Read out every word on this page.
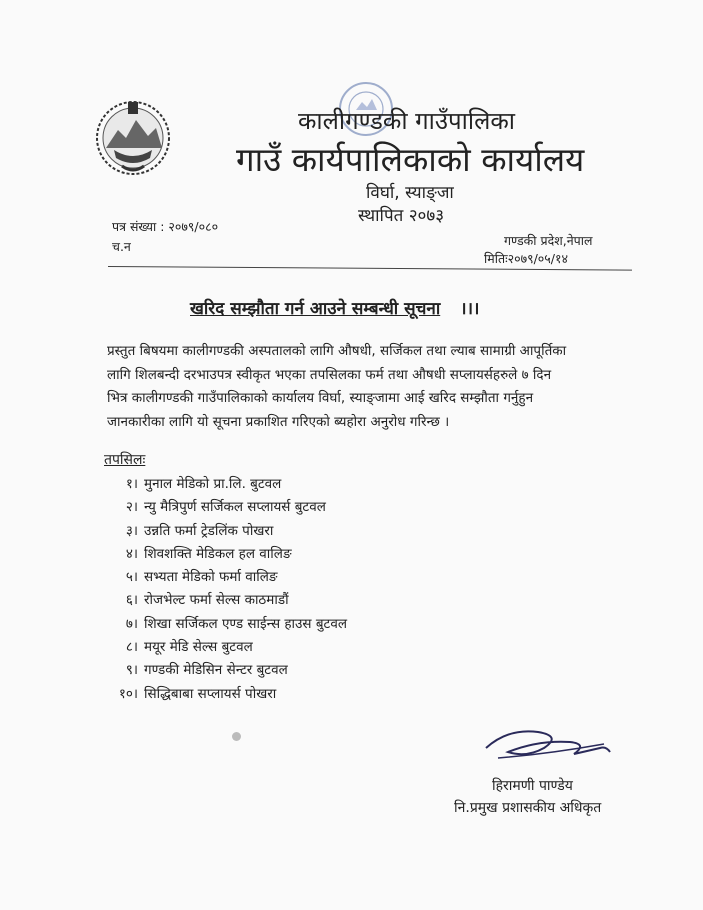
कालीगण्डकी गाउँपालिका
गाउँ कार्यपालिकाको कार्यालय
विर्घा, स्याङ्जा
स्थापित २०७३
पत्र संख्या : २०७९/०८०
च.न	गण्डकी प्रदेश,नेपाल
मितिः२०७९/०५/१४
खरिद सम्झौता गर्न आउने सम्बन्धी सूचना ।।।
प्रस्तुत बिषयमा कालीगण्डकी अस्पतालको लागि औषधी, सर्जिकल तथा ल्याब सामाग्री आपूर्तिका
लागि शिलबन्दी दरभाउपत्र स्वीकृत भएका तपसिलका फर्म तथा औषधी सप्लायर्सहरुले ७ दिन
भित्र कालीगण्डकी गाउँपालिकाको कार्यालय विर्घा, स्याङ्जामा आई खरिद सम्झौता गर्नुहुन
जानकारीका लागि यो सूचना प्रकाशित गरिएको ब्यहोरा अनुरोध गरिन्छ ।
तपसिलः
१। मुनाल मेडिको प्रा.लि. बुटवल
२। न्यु मैत्रिपुर्ण सर्जिकल सप्लायर्स बुटवल
३। उन्नति फर्मा ट्रेडलिंक पोखरा
४। शिवशक्ति मेडिकल हल वालिङ
५। सभ्यता मेडिको फर्मा वालिङ
६। रोजभेल्ट फर्मा सेल्स काठमाडौं
७। शिखा सर्जिकल एण्ड साईन्स हाउस बुटवल
८। मयूर मेडि सेल्स बुटवल
९। गण्डकी मेडिसिन सेन्टर बुटवल
१०। सिद्धिबाबा सप्लायर्स पोखरा
हिरामणी पाण्डेय
नि.प्रमुख प्रशासकीय अधिकृत
